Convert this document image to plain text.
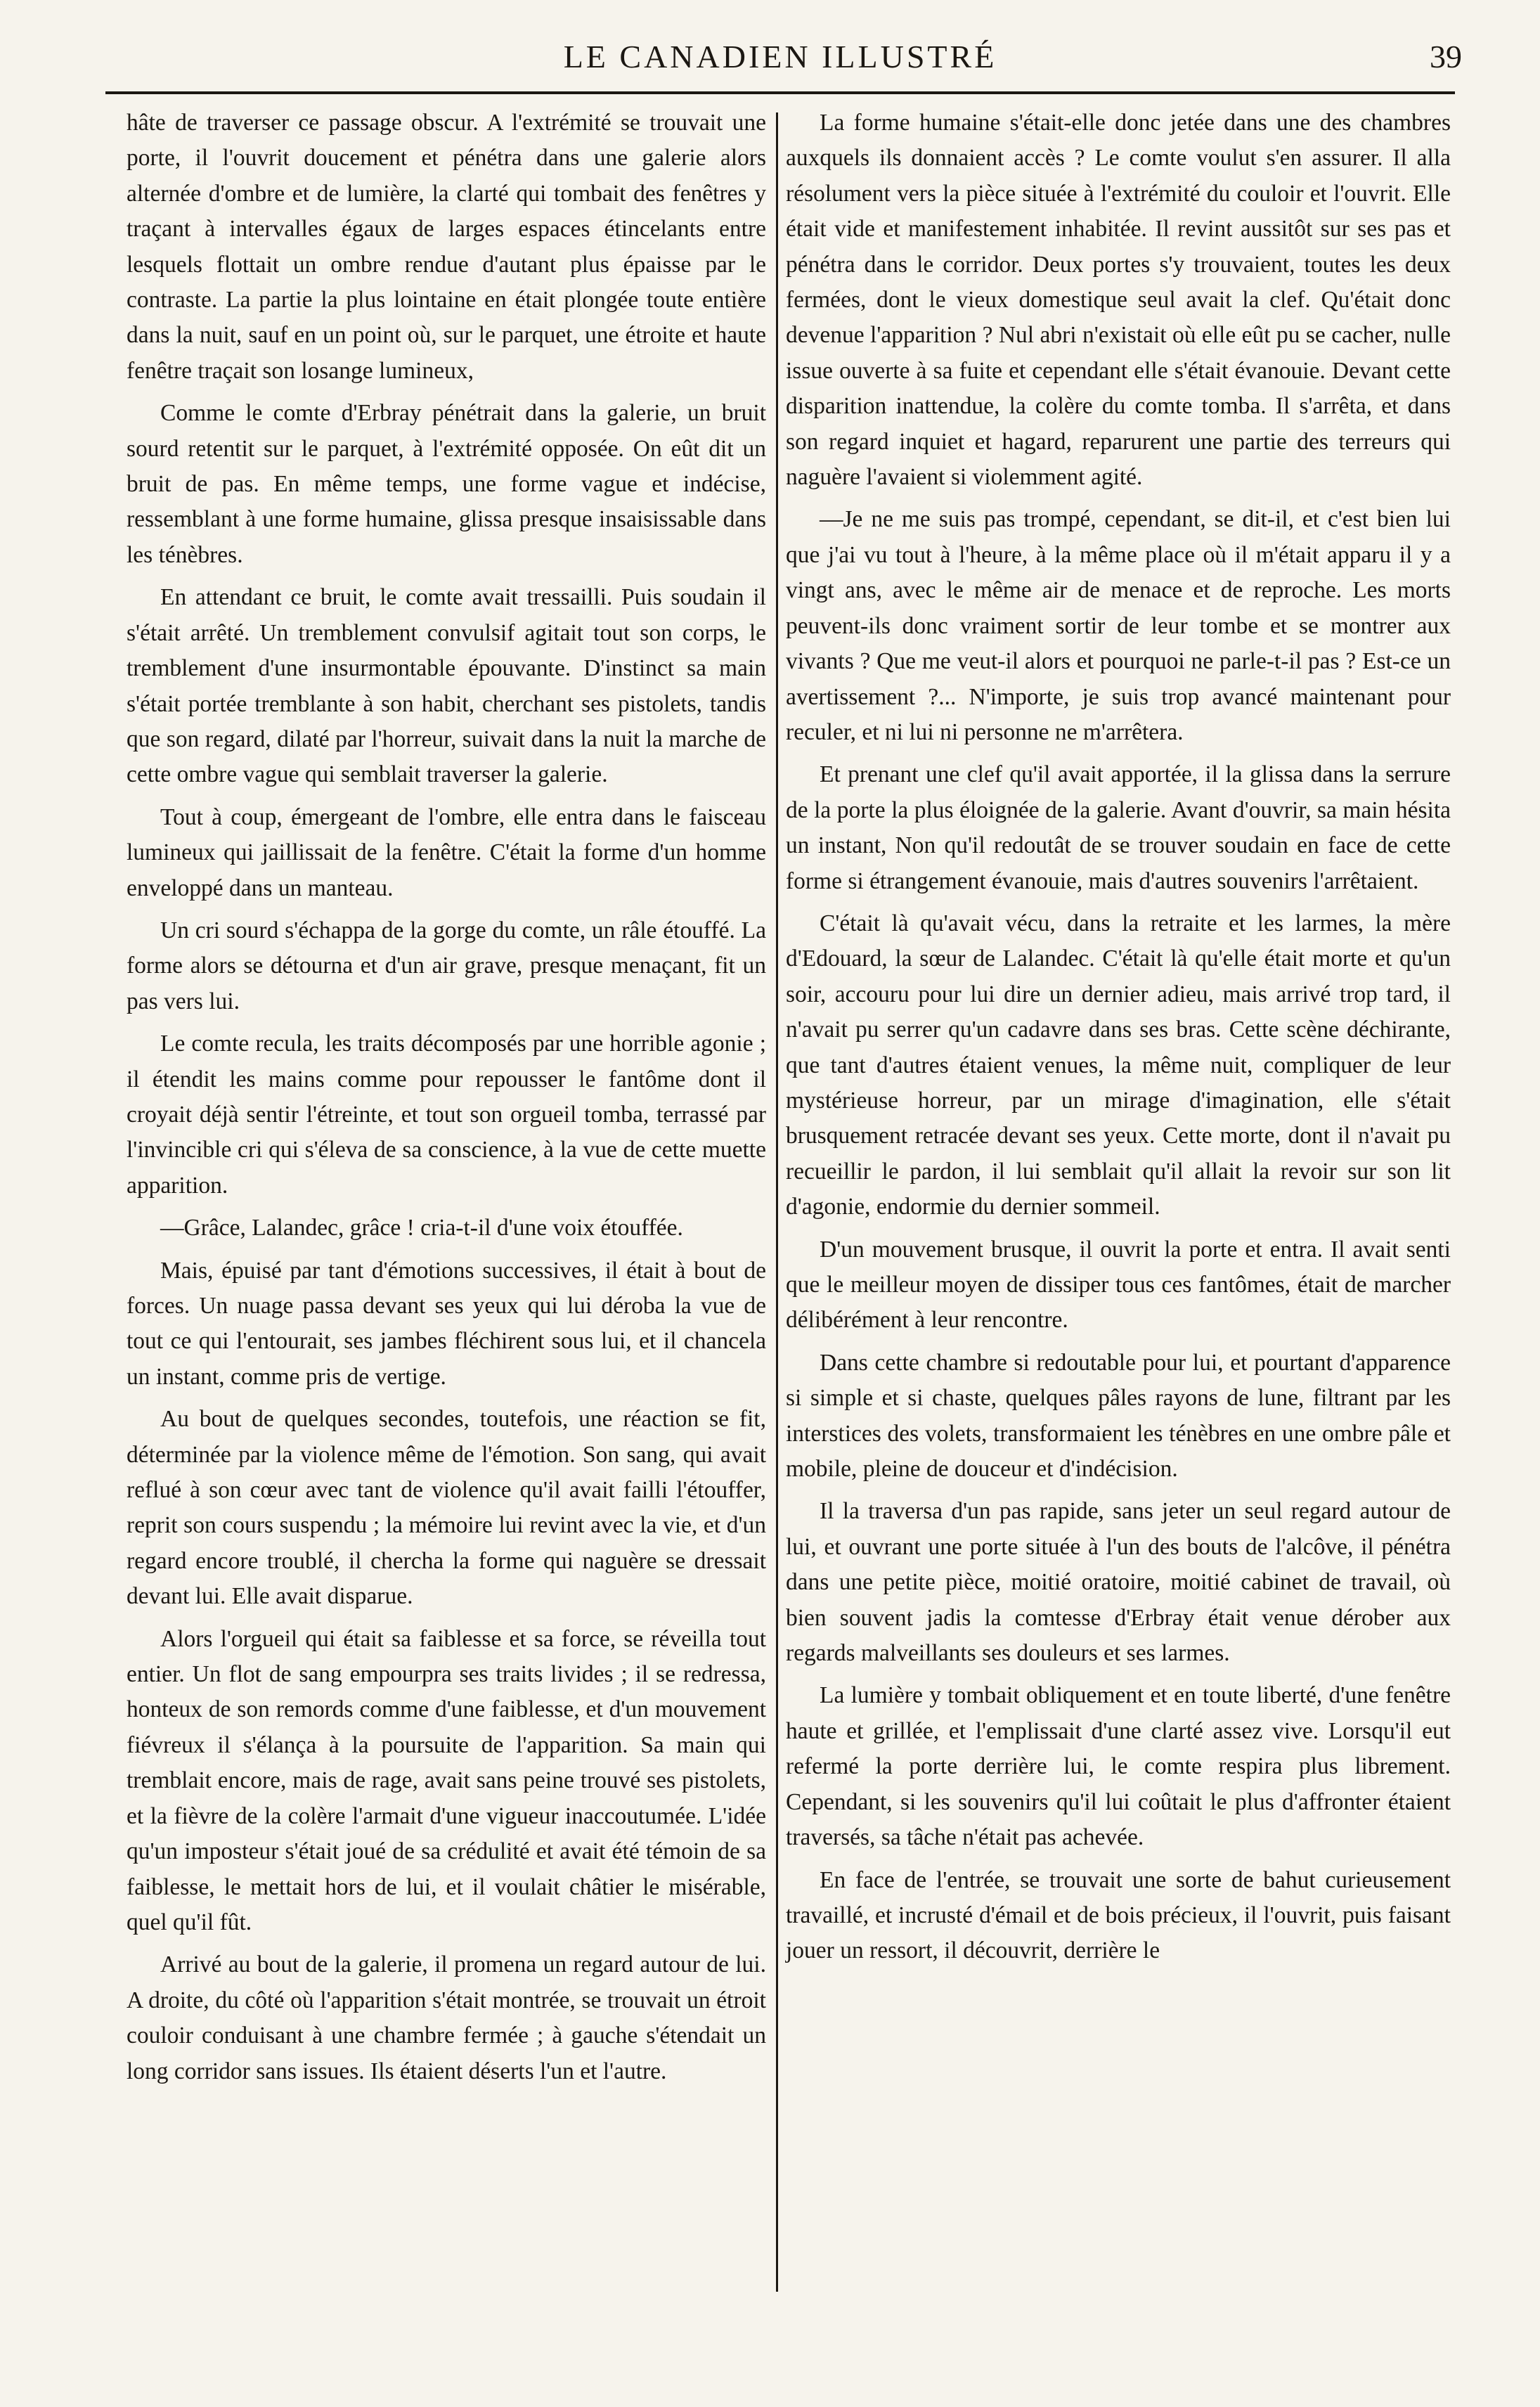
LE CANADIEN ILLUSTRÉ	39

hâte de traverser ce passage obscur. A l'extrémité se trouvait une porte, il l'ouvrit doucement et pénétra dans une galerie alors alternée d'ombre et de lumière, la clarté qui tombait des fenêtres y traçant à intervalles égaux de larges espaces étincelants entre lesquels flottait un ombre rendue d'autant plus épaisse par le contraste. La partie la plus lointaine en était plongée toute entière dans la nuit, sauf en un point où, sur le parquet, une étroite et haute fenêtre traçait son losange lumineux,

Comme le comte d'Erbray pénétrait dans la galerie, un bruit sourd retentit sur le parquet, à l'extrémité opposée. On eût dit un bruit de pas. En même temps, une forme vague et indécise, ressemblant à une forme humaine, glissa presque insaisissable dans les ténèbres.

En attendant ce bruit, le comte avait tressailli. Puis soudain il s'était arrêté. Un tremblement convulsif agitait tout son corps, le tremblement d'une insurmontable épouvante. D'instinct sa main s'était portée tremblante à son habit, cherchant ses pistolets, tandis que son regard, dilaté par l'horreur, suivait dans la nuit la marche de cette ombre vague qui semblait traverser la galerie.

Tout à coup, émergeant de l'ombre, elle entra dans le faisceau lumineux qui jaillissait de la fenêtre. C'était la forme d'un homme enveloppé dans un manteau.

Un cri sourd s'échappa de la gorge du comte, un râle étouffé. La forme alors se détourna et d'un air grave, presque menaçant, fit un pas vers lui.

Le comte recula, les traits décomposés par une horrible agonie ; il étendit les mains comme pour repousser le fantôme dont il croyait déjà sentir l'étreinte, et tout son orgueil tomba, terrassé par l'invincible cri qui s'éleva de sa conscience, à la vue de cette muette apparition.

—Grâce, Lalandec, grâce ! cria-t-il d'une voix étouffée.

Mais, épuisé par tant d'émotions successives, il était à bout de forces. Un nuage passa devant ses yeux qui lui déroba la vue de tout ce qui l'entourait, ses jambes fléchirent sous lui, et il chancela un instant, comme pris de vertige.

Au bout de quelques secondes, toutefois, une réaction se fit, déterminée par la violence même de l'émotion. Son sang, qui avait reflué à son cœur avec tant de violence qu'il avait failli l'étouffer, reprit son cours suspendu ; la mémoire lui revint avec la vie, et d'un regard encore troublé, il chercha la forme qui naguère se dressait devant lui. Elle avait disparue.

Alors l'orgueil qui était sa faiblesse et sa force, se réveilla tout entier. Un flot de sang empourpra ses traits livides ; il se redressa, honteux de son remords comme d'une faiblesse, et d'un mouvement fiévreux il s'élança à la poursuite de l'apparition. Sa main qui tremblait encore, mais de rage, avait sans peine trouvé ses pistolets, et la fièvre de la colère l'armait d'une vigueur inaccoutumée. L'idée qu'un imposteur s'était joué de sa crédulité et avait été témoin de sa faiblesse, le mettait hors de lui, et il voulait châtier le misérable, quel qu'il fût.

Arrivé au bout de la galerie, il promena un regard autour de lui. A droite, du côté où l'apparition s'était montrée, se trouvait un étroit couloir conduisant à une chambre fermée ; à gauche s'étendait un long corridor sans issues. Ils étaient déserts l'un et l'autre.

La forme humaine s'était-elle donc jetée dans une des chambres auxquels ils donnaient accès ? Le comte voulut s'en assurer. Il alla résolument vers la pièce située à l'extrémité du couloir et l'ouvrit. Elle était vide et manifestement inhabitée. Il revint aussitôt sur ses pas et pénétra dans le corridor. Deux portes s'y trouvaient, toutes les deux fermées, dont le vieux domestique seul avait la clef. Qu'était donc devenue l'apparition ? Nul abri n'existait où elle eût pu se cacher, nulle issue ouverte à sa fuite et cependant elle s'était évanouie. Devant cette disparition inattendue, la colère du comte tomba. Il s'arrêta, et dans son regard inquiet et hagard, reparurent une partie des terreurs qui naguère l'avaient si violemment agité.

—Je ne me suis pas trompé, cependant, se dit-il, et c'est bien lui que j'ai vu tout à l'heure, à la même place où il m'était apparu il y a vingt ans, avec le même air de menace et de reproche. Les morts peuvent-ils donc vraiment sortir de leur tombe et se montrer aux vivants ? Que me veut-il alors et pourquoi ne parle-t-il pas ? Est-ce un avertissement ?... N'importe, je suis trop avancé maintenant pour reculer, et ni lui ni personne ne m'arrêtera.

Et prenant une clef qu'il avait apportée, il la glissa dans la serrure de la porte la plus éloignée de la galerie. Avant d'ouvrir, sa main hésita un instant, Non qu'il redoutât de se trouver soudain en face de cette forme si étrangement évanouie, mais d'autres souvenirs l'arrêtaient.

C'était là qu'avait vécu, dans la retraite et les larmes, la mère d'Edouard, la sœur de Lalandec. C'était là qu'elle était morte et qu'un soir, accouru pour lui dire un dernier adieu, mais arrivé trop tard, il n'avait pu serrer qu'un cadavre dans ses bras. Cette scène déchirante, que tant d'autres étaient venues, la même nuit, compliquer de leur mystérieuse horreur, par un mirage d'imagination, elle s'était brusquement retracée devant ses yeux. Cette morte, dont il n'avait pu recueillir le pardon, il lui semblait qu'il allait la revoir sur son lit d'agonie, endormie du dernier sommeil.

D'un mouvement brusque, il ouvrit la porte et entra. Il avait senti que le meilleur moyen de dissiper tous ces fantômes, était de marcher délibérément à leur rencontre.

Dans cette chambre si redoutable pour lui, et pourtant d'apparence si simple et si chaste, quelques pâles rayons de lune, filtrant par les interstices des volets, transformaient les ténèbres en une ombre pâle et mobile, pleine de douceur et d'indécision.

Il la traversa d'un pas rapide, sans jeter un seul regard autour de lui, et ouvrant une porte située à l'un des bouts de l'alcôve, il pénétra dans une petite pièce, moitié oratoire, moitié cabinet de travail, où bien souvent jadis la comtesse d'Erbray était venue dérober aux regards malveillants ses douleurs et ses larmes.

La lumière y tombait obliquement et en toute liberté, d'une fenêtre haute et grillée, et l'emplissait d'une clarté assez vive. Lorsqu'il eut refermé la porte derrière lui, le comte respira plus librement. Cependant, si les souvenirs qu'il lui coûtait le plus d'affronter étaient traversés, sa tâche n'était pas achevée.

En face de l'entrée, se trouvait une sorte de bahut curieusement travaillé, et incrusté d'émail et de bois précieux, il l'ouvrit, puis faisant jouer un ressort, il découvrit, derrière le
